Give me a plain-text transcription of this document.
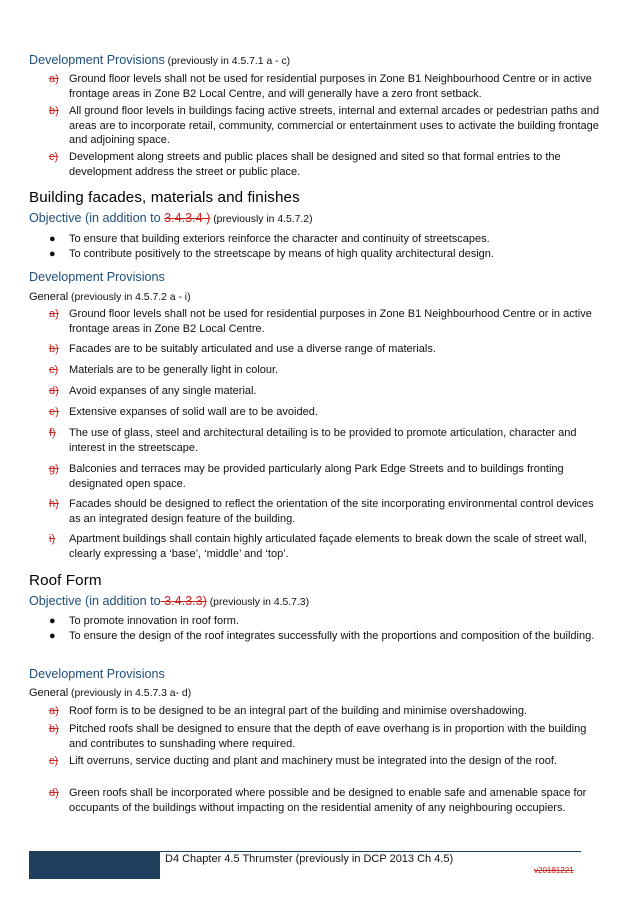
Development Provisions (previously in 4.5.7.1 a - c)
a) Ground floor levels shall not be used for residential purposes in Zone B1 Neighbourhood Centre or in active frontage areas in Zone B2 Local Centre, and will generally have a zero front setback.
b) All ground floor levels in buildings facing active streets, internal and external arcades or pedestrian paths and areas are to incorporate retail, community, commercial or entertainment uses to activate the building frontage and adjoining space.
c) Development along streets and public places shall be designed and sited so that formal entries to the development address the street or public place.
Building facades, materials and finishes
Objective (in addition to 3.4.3.4 ) (previously in 4.5.7.2)
● To ensure that building exteriors reinforce the character and continuity of streetscapes.
● To contribute positively to the streetscape by means of high quality architectural design.
Development Provisions
General (previously in 4.5.7.2 a - i)
a) Ground floor levels shall not be used for residential purposes in Zone B1 Neighbourhood Centre or in active frontage areas in Zone B2 Local Centre.
b) Facades are to be suitably articulated and use a diverse range of materials.
c) Materials are to be generally light in colour.
d) Avoid expanses of any single material.
e) Extensive expanses of solid wall are to be avoided.
f) The use of glass, steel and architectural detailing is to be provided to promote articulation, character and interest in the streetscape.
g) Balconies and terraces may be provided particularly along Park Edge Streets and to buildings fronting designated open space.
h) Facades should be designed to reflect the orientation of the site incorporating environmental control devices as an integrated design feature of the building.
i) Apartment buildings shall contain highly articulated façade elements to break down the scale of street wall, clearly expressing a ‘base’, ‘middle’ and ‘top’.
Roof Form
Objective (in addition to 3.4.3.3) (previously in 4.5.7.3)
● To promote innovation in roof form.
● To ensure the design of the roof integrates successfully with the proportions and composition of the building.
Development Provisions
General (previously in 4.5.7.3 a- d)
a) Roof form is to be designed to be an integral part of the building and minimise overshadowing.
b) Pitched roofs shall be designed to ensure that the depth of eave overhang is in proportion with the building and contributes to sunshading where required.
c) Lift overruns, service ducting and plant and machinery must be integrated into the design of the roof.
d) Green roofs shall be incorporated where possible and be designed to enable safe and amenable space for occupants of the buildings without impacting on the residential amenity of any neighbouring occupiers.
D4 Chapter 4.5 Thrumster (previously in DCP 2013 Ch 4.5)
v20181221
